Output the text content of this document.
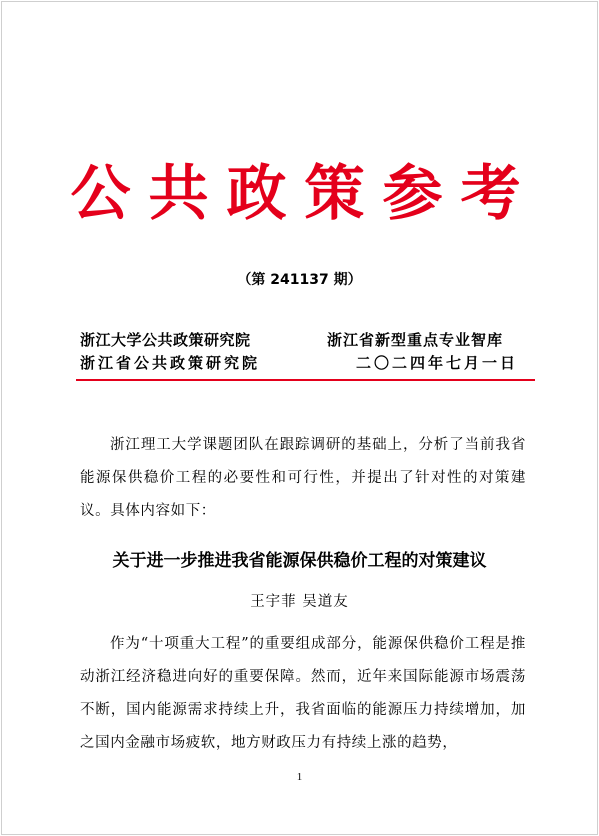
公共政策参考
（第 241137 期）
浙江大学公共政策研究院
浙江省公共政策研究院
浙江省新型重点专业智库
二〇二四年七月一日
浙江理工大学课题团队在跟踪调研的基础上，分析了当前我省能源保供稳价工程的必要性和可行性，并提出了针对性的对策建议。具体内容如下：
关于进一步推进我省能源保供稳价工程的对策建议
王宇菲 吴道友
作为“十项重大工程”的重要组成部分，能源保供稳价工程是推动浙江经济稳进向好的重要保障。然而，近年来国际能源市场震荡不断，国内能源需求持续上升，我省面临的能源压力持续增加，加之国内金融市场疲软，地方财政压力有持续上涨的趋势，
1
